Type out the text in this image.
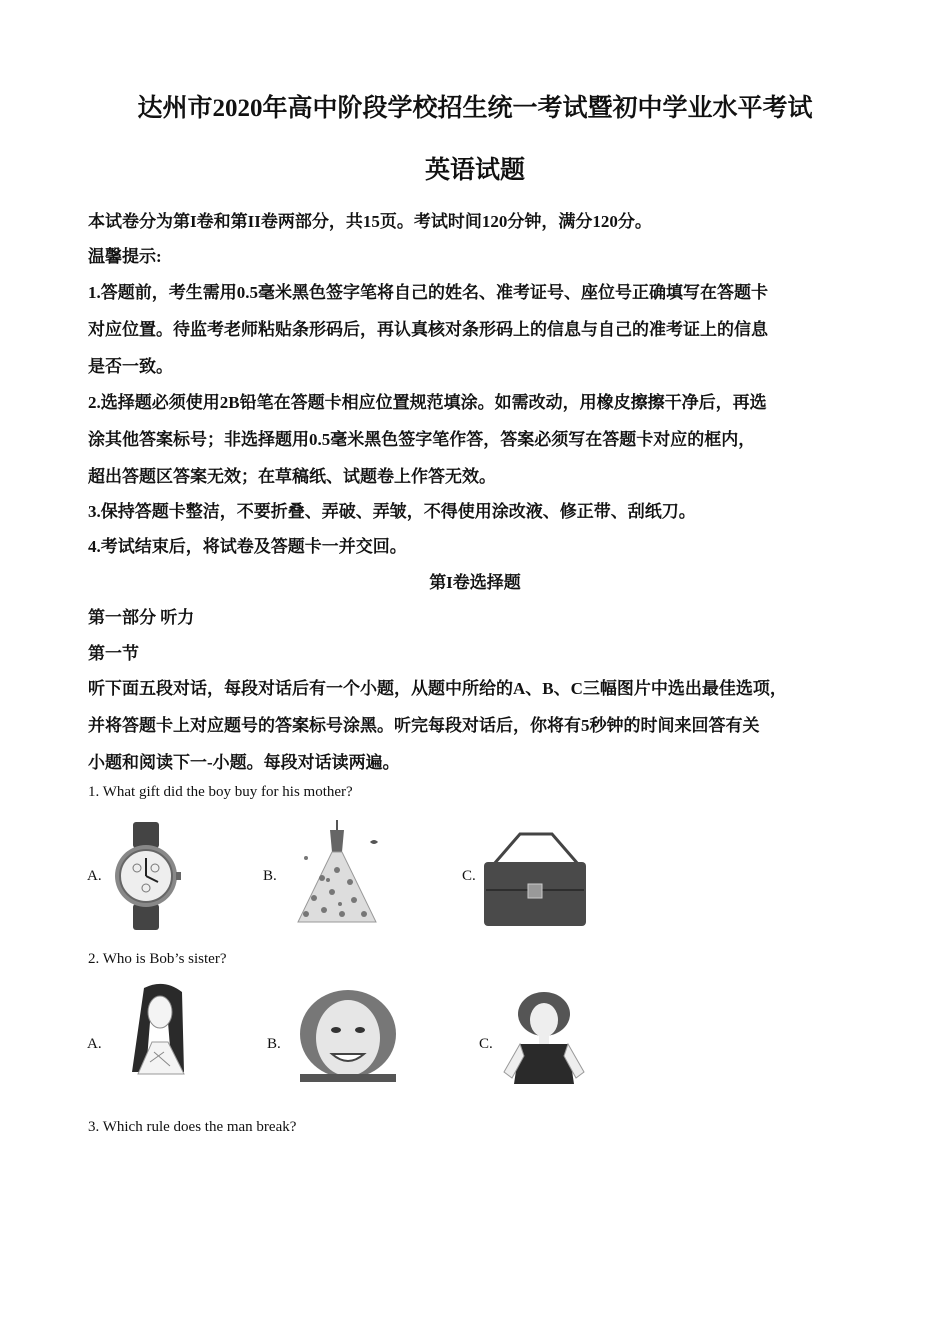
达州市2020年高中阶段学校招生统一考试暨初中学业水平考试
英语试题
本试卷分为第I卷和第II卷两部分，共15页。考试时间120分钟，满分120分。
温馨提示:
1.答题前，考生需用0.5毫米黑色签字笔将自己的姓名、准考证号、座位号正确填写在答题卡
对应位置。待监考老师粘贴条形码后，再认真核对条形码上的信息与自己的准考证上的信息
是否一致。
2.选择题必须使用2B铅笔在答题卡相应位置规范填涂。如需改动，用橡皮擦擦干净后，再选
涂其他答案标号；非选择题用0.5毫米黑色签字笔作答，答案必须写在答题卡对应的框内，
超出答题区答案无效；在草稿纸、试题卷上作答无效。
3.保持答题卡整洁，不要折叠、弄破、弄皱，不得使用涂改液、修正带、刮纸刀。
4.考试结束后，将试卷及答题卡一并交回。
第I卷选择题
第一部分 听力
第一节
听下面五段对话，每段对话后有一个小题，从题中所给的A、B、C三幅图片中选出最佳选项，
并将答题卡上对应题号的答案标号涂黑。听完每段对话后，你将有5秒钟的时间来回答有关
小题和阅读下一-小题。每段对话读两遍。
1. What gift did the boy buy for his mother?
A.	B.	C.
2. Who is Bob’s sister?
A.	B.	C.
3. Which rule does the man break?
